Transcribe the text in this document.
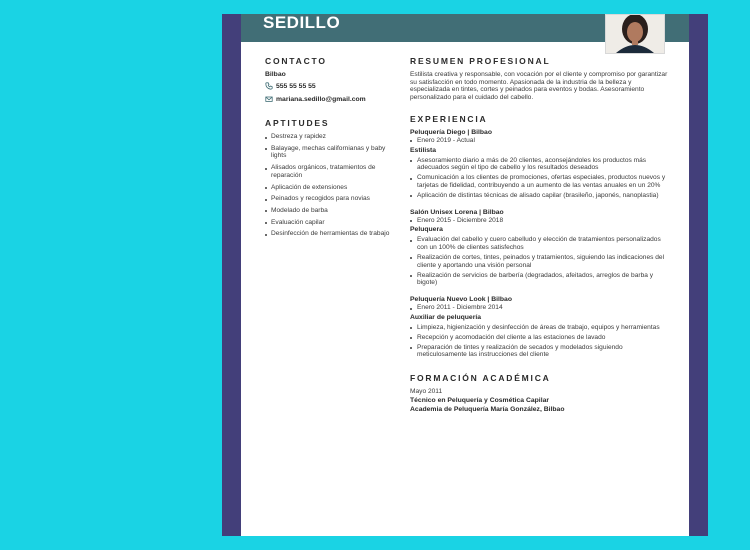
SEDILLO
CONTACTO
Bilbao
555 55 55 55
mariana.sedillo@gmail.com
APTITUDES
Destreza y rapidez
Balayage, mechas californianas y baby lights
Alisados orgánicos, tratamientos de reparación
Aplicación de extensiones
Peinados y recogidos para novias
Modelado de barba
Evaluación capilar
Desinfección de herramientas de trabajo
RESUMEN PROFESIONAL
Estilista creativa y responsable, con vocación por el cliente y compromiso por garantizar su satisfacción en todo momento. Apasionada de la industria de la belleza y especializada en tintes, cortes y peinados para eventos y bodas. Asesoramiento personalizado para el cuidado del cabello.
EXPERIENCIA
Peluquería Diego | Bilbao
Enero 2019 - Actual
Estilista
Asesoramiento diario a más de 20 clientes, aconsejándoles los productos más adecuados según el tipo de cabello y los resultados deseados
Comunicación a los clientes de promociones, ofertas especiales, productos nuevos y tarjetas de fidelidad, contribuyendo a un aumento de las ventas anuales en un 20%
Aplicación de distintas técnicas de alisado capilar (brasileño, japonés, nanoplastia)
Salón Unisex Lorena | Bilbao
Enero 2015 - Diciembre 2018
Peluquera
Evaluación del cabello y cuero cabelludo y elección de tratamientos personalizados con un 100% de clientes satisfechos
Realización de cortes, tintes, peinados y tratamientos, siguiendo las indicaciones del cliente y aportando una visión personal
Realización de servicios de barbería (degradados, afeitados, arreglos de barba y bigote)
Peluquería Nuevo Look | Bilbao
Enero 2011 - Diciembre 2014
Auxiliar de peluquería
Limpieza, higienización y desinfección de áreas de trabajo, equipos y herramientas
Recepción y acomodación del cliente a las estaciones de lavado
Preparación de tintes y realización de secados y modelados siguiendo meticulosamente las instrucciones del cliente
FORMACIÓN ACADÉMICA
Mayo 2011
Técnico en Peluquería y Cosmética Capilar
Academia de Peluquería María González, Bilbao
